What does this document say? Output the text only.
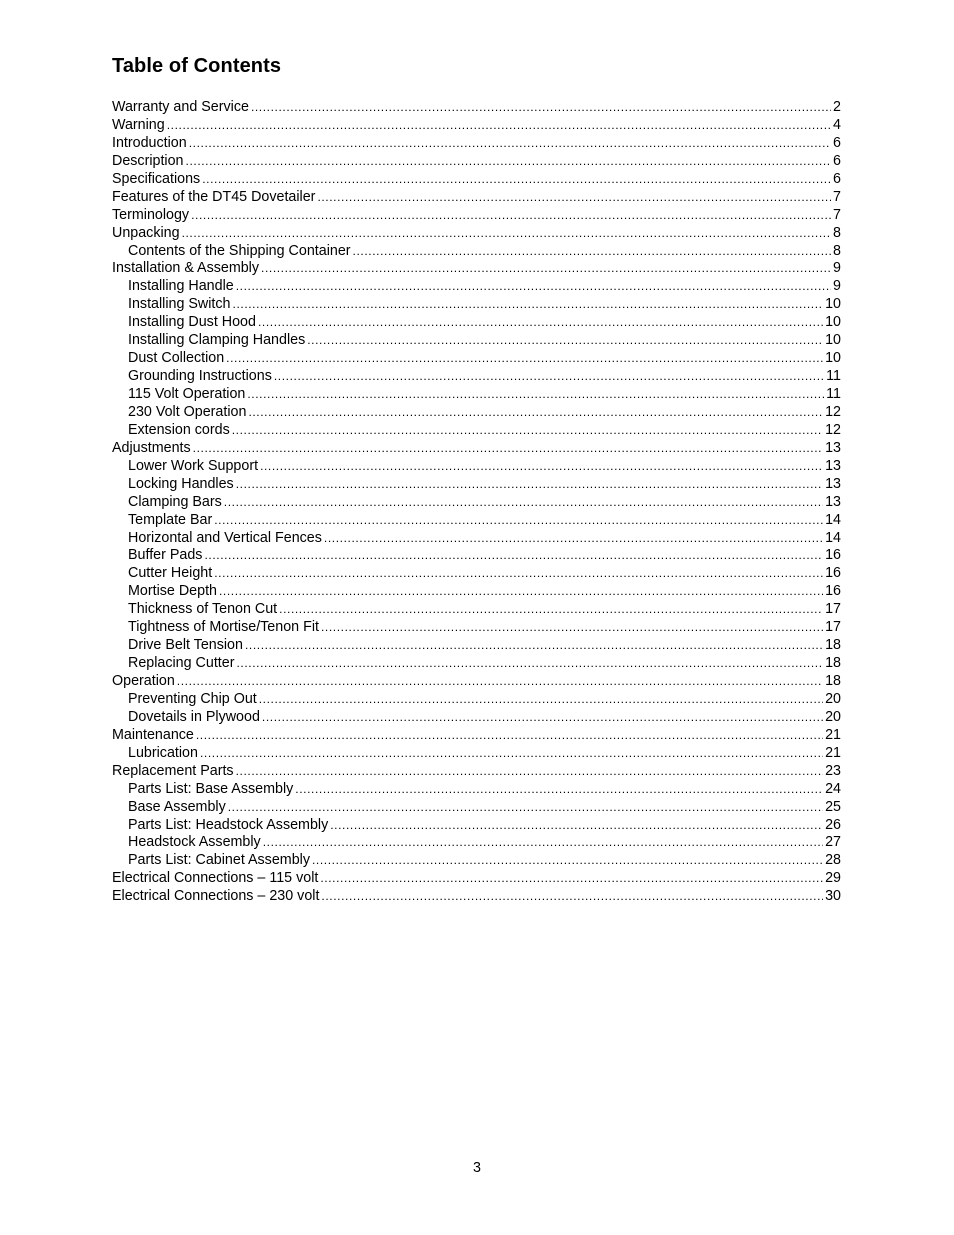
Table of Contents
Warranty and Service .....	2
Warning .....	4
Introduction .....	6
Description .....	6
Specifications .....	6
Features of the DT45 Dovetailer .....	7
Terminology .....	7
Unpacking .....	8
Contents of the Shipping Container .....	8
Installation & Assembly .....	9
Installing Handle .....	9
Installing Switch .....	10
Installing Dust Hood .....	10
Installing Clamping Handles .....	10
Dust Collection .....	10
Grounding Instructions .....	11
115 Volt Operation .....	11
230 Volt Operation .....	12
Extension cords .....	12
Adjustments .....	13
Lower Work Support .....	13
Locking Handles .....	13
Clamping Bars .....	13
Template Bar .....	14
Horizontal and Vertical Fences .....	14
Buffer Pads .....	16
Cutter Height .....	16
Mortise Depth .....	16
Thickness of Tenon Cut .....	17
Tightness of Mortise/Tenon Fit .....	17
Drive Belt Tension .....	18
Replacing Cutter .....	18
Operation .....	18
Preventing Chip Out .....	20
Dovetails in Plywood .....	20
Maintenance .....	21
Lubrication .....	21
Replacement Parts .....	23
Parts List: Base Assembly .....	24
Base Assembly .....	25
Parts List: Headstock Assembly .....	26
Headstock Assembly .....	27
Parts List: Cabinet Assembly .....	28
Electrical Connections – 115 volt .....	29
Electrical Connections – 230 volt .....	30
3
